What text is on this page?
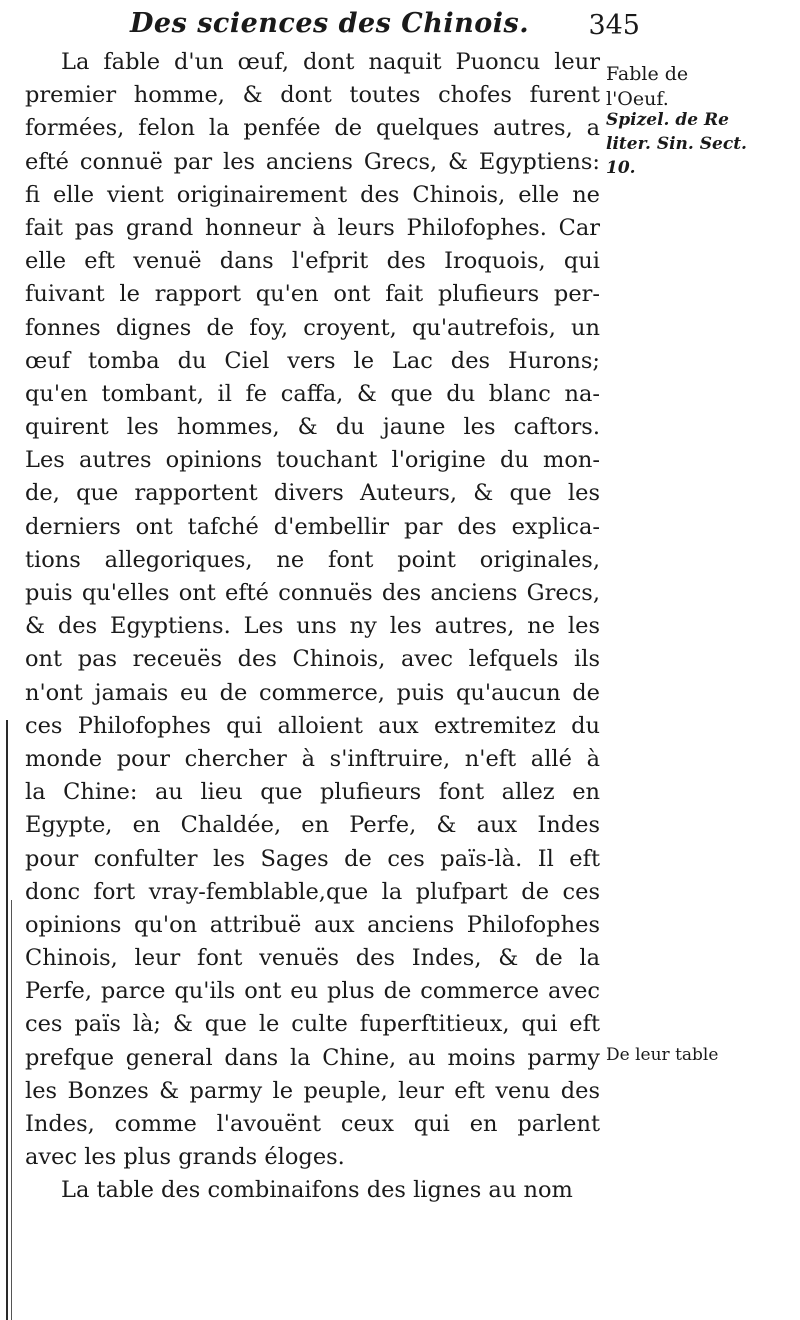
Des sciences des Chinois. 345
La fable d'un œuf, dont naquit Puoncu leur
premier homme, & dont toutes chofes furent
formées, felon la penfée de quelques autres, a
efté connuë par les anciens Grecs, & Egyptiens:
fi elle vient originairement des Chinois, elle ne
fait pas grand honneur à leurs Philofophes. Car
elle eft venuë dans l'efprit des Iroquois, qui
fuivant le rapport qu'en ont fait plufieurs per-
fonnes dignes de foy, croyent, qu'autrefois, un
œuf tomba du Ciel vers le Lac des Hurons;
qu'en tombant, il fe caffa, & que du blanc na-
quirent les hommes, & du jaune les caftors.
Les autres opinions touchant l'origine du mon-
de, que rapportent divers Auteurs, & que les
derniers ont tafché d'embellir par des explica-
tions allegoriques, ne font point originales,
puis qu'elles ont efté connuës des anciens Grecs,
& des Egyptiens. Les uns ny les autres, ne les
ont pas receuës des Chinois, avec lefquels ils
n'ont jamais eu de commerce, puis qu'aucun de
ces Philofophes qui alloient aux extremitez du
monde pour chercher à s'inftruire, n'eft allé à
la Chine: au lieu que plufieurs font allez en
Egypte, en Chaldée, en Perfe, & aux Indes
pour confulter les Sages de ces païs-là. Il eft
donc fort vray-femblable,que la plufpart de ces
opinions qu'on attribuë aux anciens Philofophes
Chinois, leur font venuës des Indes, & de la
Perfe, parce qu'ils ont eu plus de commerce avec
ces païs là; & que le culte fuperftitieux, qui eft
prefque general dans la Chine, au moins parmy
les Bonzes & parmy le peuple, leur eft venu des
Indes, comme l'avouënt ceux qui en parlent
avec les plus grands éloges.
La table des combinaifons des lignes au nom
Fable de
l'Oeuf.
Spizel. de Re
liter. Sin. Sect.
10.
De leur table
